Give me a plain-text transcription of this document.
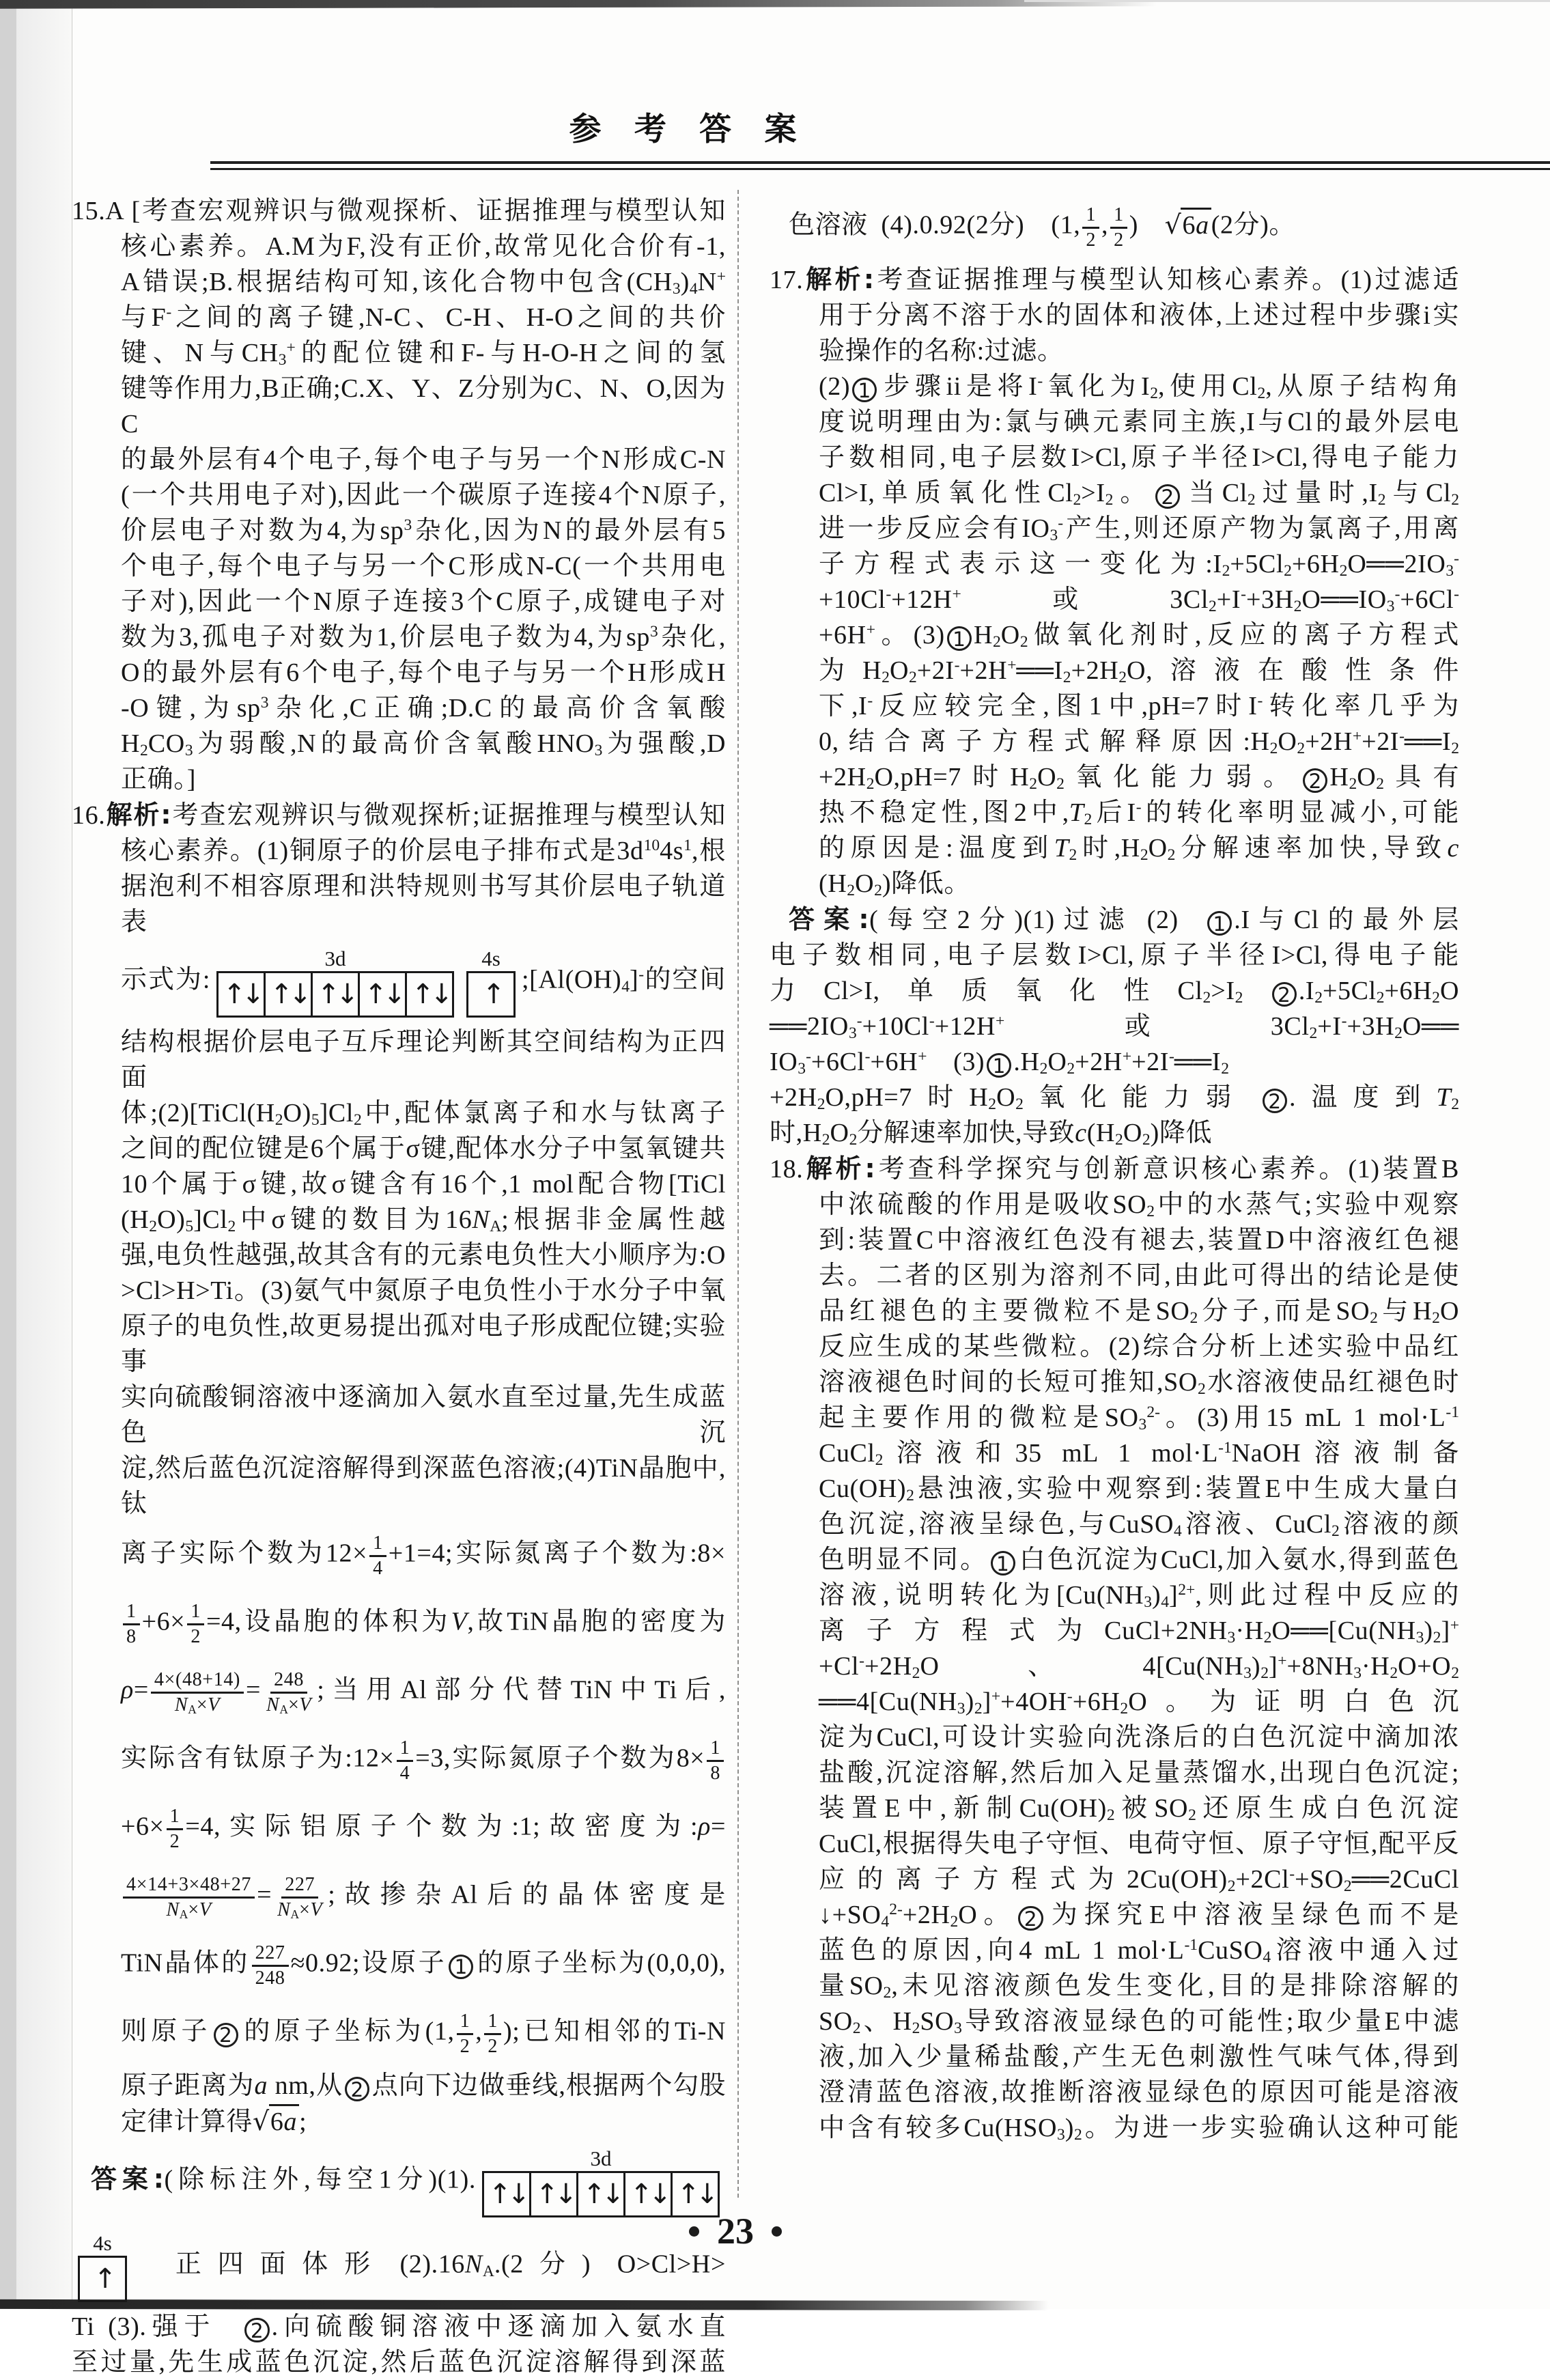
参 考 答 案
15.A [考查宏观辨识与微观探析、证据推理与模型认知
核心素养。A.M为F,没有正价,故常见化合价有-1,
A错误;B.根据结构可知,该化合物中包含$(CH_3)_4N^+$
与F-之间的离子键,N-C、C-H、H-O之间的共价
键、N与$CH_3^+$的配位键和F-与H-O-H之间的氢
键等作用力,B正确;C.X、Y、Z分别为C、N、O,因为C
的最外层有4个电子,每个电子与另一个N形成C-N
(一个共用电子对),因此一个碳原子连接4个N原子,
价层电子对数为4,为$sp^3$杂化,因为N的最外层有5
个电子,每个电子与另一个C形成N-C(一个共用电
子对),因此一个N原子连接3个C原子,成键电子对
数为3,孤电子对数为1,价层电子数为4,为$sp^3$杂化,
O的最外层有6个电子,每个电子与另一个H形成H
-O键,为$sp^3$杂化,C正确;D.C的最高价含氧酸
$H_2CO_3$为弱酸,N的最高价含氧酸$HNO_3$为强酸,D
正确。]
16.解析:考查宏观辨识与微观探析;证据推理与模型认知
核心素养。(1)铜原子的价层电子排布式是$3d^{10}4s^1$,根
据泡利不相容原理和洪特规则书写其价层电子轨道表
示式为:
3d
↑↓ ↑↓ ↑↓ ↑↓ ↑↓
4s
↑ $;[Al(OH)_4]^-$的空间
结构根据价层电子互斥理论判断其空间结构为正四面
体$;(2)[TiCl(H_2O)_5]Cl_2$中,配体氯离子和水与钛离子
之间的配位键是6个属于σ键,配体水分子中氢氧键共
10个属于σ键,故σ键含有16个,1 mol配合物[TiCl
$(H_2O)_5]Cl_2$中σ键的数目为$16N_A$;根据非金属性越
强,电负性越强,故其含有的元素电负性大小顺序为:O
>Cl>H>Ti。(3)氨气中氮原子电负性小于水分子中氧
原子的电负性,故更易提出孤对电子形成配位键;实验事
实向硫酸铜溶液中逐滴加入氨水直至过量,先生成蓝色沉
淀,然后蓝色沉淀溶解得到深蓝色溶液;(4)TiN晶胞中,钛
离子实际个数为$12\times \frac{1}{4} +1=4$;实际氮离子个数为:8×
$\frac{1}{8} +6\times \frac{1}{2} =4$,设晶胞的体积为V,故TiN晶胞的密度为
$\rho= \frac{4\times(48+14)}{N_A\times V} = \frac{248}{N_A\times V}$ ;当用Al部分代替TiN中Ti后,
实际含有钛原子为:12× $\frac{1}{4} =3$,实际氮原子个数为$8\times \frac{1}{8}$
$+6\times \frac{1}{2} =4$,实际铝原子个数为:1;故密度为:ρ=
$\frac{4\times 14+3\times 48+27}{N_A\times V} = \frac{227}{N_A\times V}$ ;故掺杂Al后的晶体密度是
TiN晶体的 $\frac{227}{248} \approx 0.92$;设原子 1 的原子坐标为(0,0,0),
则原子 2 的原子坐标为(1, $\frac{1}{2}$ , $\frac{1}{2}$ );已知相邻的Ti-N
原子距离为a nm,从 2 点向下边做垂线,根据两个勾股
定律计算得√6a;
答案:(除标注外,每空1分)(1).
3d
↑↓ ↑↓ ↑↓ ↑↓ ↑↓
4s
↑  正四面体形 $(2).16N_A.(2$分) O>Cl>H>
Ti (3).强于  2 .向硫酸铜溶液中逐滴加入氨水直
至过量,先生成蓝色沉淀,然后蓝色沉淀溶解得到深蓝
色溶液 (4).0.92(2分)  (1, $\frac{1}{2}$ , $\frac{1}{2}$ ) √6a(2分)。
17.解析:考查证据推理与模型认知核心素养。(1)过滤适
用于分离不溶于水的固体和液体,上述过程中步骤i实
验操作的名称:过滤。
(2) 1 步骤ii是将I-氧化为$I_2$,使用$Cl_2$,从原子结构角
度说明理由为:氯与碘元素同主族,I与Cl的最外层电
子数相同,电子层数I>Cl,原子半径I>Cl,得电子能力
Cl>I,单质氧化性$Cl_2>I_2$。 2 当$Cl_2$过量时$,I_2$与$Cl_2$
进一步反应会有$IO_3^-$产生,则还原产物为氯离子,用离
子方程式表示这一变化为$:I_2+5Cl_2+6H_2O══2IO_3^-$
+10Cl-+12H+或$3Cl_2+I^-+3H_2O══IO_3^-+6Cl^-$
+6H+。(3) 1 $H_2O_2$做氧化剂时,反应的离子方程式
为$H_2O_2+2I^-+2H^+══I_2+2H_2O$,溶液在酸性条件
下,I-反应较完全,图1中,pH=7时I-转化率几乎为
0,结合离子方程式解释原因$:H_2O_2+2H^++2I^-══I_2$
$+2H_2O,pH=7$时$H_2O_2$氧化能力弱。 2 $H_2O_2$具有
热不稳定性,图2中$,T_2$后I-的转化率明显减小,可能
的原因是:温度到$T_2$时$,H_2O_2$分解速率加快,导致c
$(H_2O_2)$降低。
答案:(每空2分)(1)过滤 (2)  1 .I与Cl的最外层
电子数相同,电子层数I>Cl,原子半径I>Cl,得电子能
力Cl>I,单质氧化性$Cl_2>I_2$   2 $.I_2+5Cl_2+6H_2O$
$══2IO_3^-+10Cl^-+12H^+$或$3Cl_2+I^-+3H_2O══$
$IO_3^-+6Cl^-+6H^+$ (3) 1 $.H_2O_2+2H^++2I^-══I_2$
$+2H_2O,pH=7$时$H_2O_2$氧化能力弱 2 .温度到$T_2$
时$,H_2O_2$分解速率加快,导致$c(H_2O_2)$降低
18.解析:考查科学探究与创新意识核心素养。(1)装置B
中浓硫酸的作用是吸收$SO_2$中的水蒸气;实验中观察
到:装置C中溶液红色没有褪去,装置D中溶液红色褪
去。二者的区别为溶剂不同,由此可得出的结论是使
品红褪色的主要微粒不是$SO_2$分子,而是$SO_2$与$H_2O$
反应生成的某些微粒。(2)综合分析上述实验中品红
溶液褪色时间的长短可推知$,SO_2$水溶液使品红褪色时
起主要作用的微粒是$SO_3^{2-}$。(3)用15 mL 1 $mol\cdot L^{-1}$
CuCl$_2$溶液和35 mL 1 $mol\cdot L^{-1}NaOH$溶液制备
$Cu(OH)_2$悬浊液,实验中观察到:装置E中生成大量白
色沉淀,溶液呈绿色,与CuSO$_4$溶液、CuCl$_2$溶液的颜
色明显不同。 1 白色沉淀为CuCl,加入氨水,得到蓝色
溶液,说明转化为$[Cu(NH_3)_4]^{2+}$,则此过程中反应的
离子方程式为$CuCl+2NH_3\cdot H_2O══[Cu(NH_3)_2]^+$
$+Cl^-+2H_2O$、$4[Cu(NH_3)_2]^++8NH_3\cdot H_2O+O_2$
$══4[Cu(NH_3)_2]^++4OH^-+6H_2O$。为证明白色沉
淀为CuCl,可设计实验向洗涤后的白色沉淀中滴加浓
盐酸,沉淀溶解,然后加入足量蒸馏水,出现白色沉淀;
装置E中,新制$Cu(OH)_2$被$SO_2$还原生成白色沉淀
CuCl,根据得失电子守恒、电荷守恒、原子守恒,配平反
应的离子方程式为$2Cu(OH)_2+2Cl^-+SO_2══2CuCl$
$↓+SO_4^{2-}+2H_2O$。 2 为探究E中溶液呈绿色而不是
蓝色的原因,向4 mL 1 $mol\cdot L^{-1}CuSO_4$溶液中通入过
量$SO_2$,未见溶液颜色发生变化,目的是排除溶解的
$SO_2$、$H_2SO_3$导致溶液显绿色的可能性;取少量E中滤
液,加入少量稀盐酸,产生无色刺激性气味气体,得到
澄清蓝色溶液,故推断溶液显绿色的原因可能是溶液
中含有较多$Cu(HSO_3)_2$。为进一步实验确认这种可能
23
